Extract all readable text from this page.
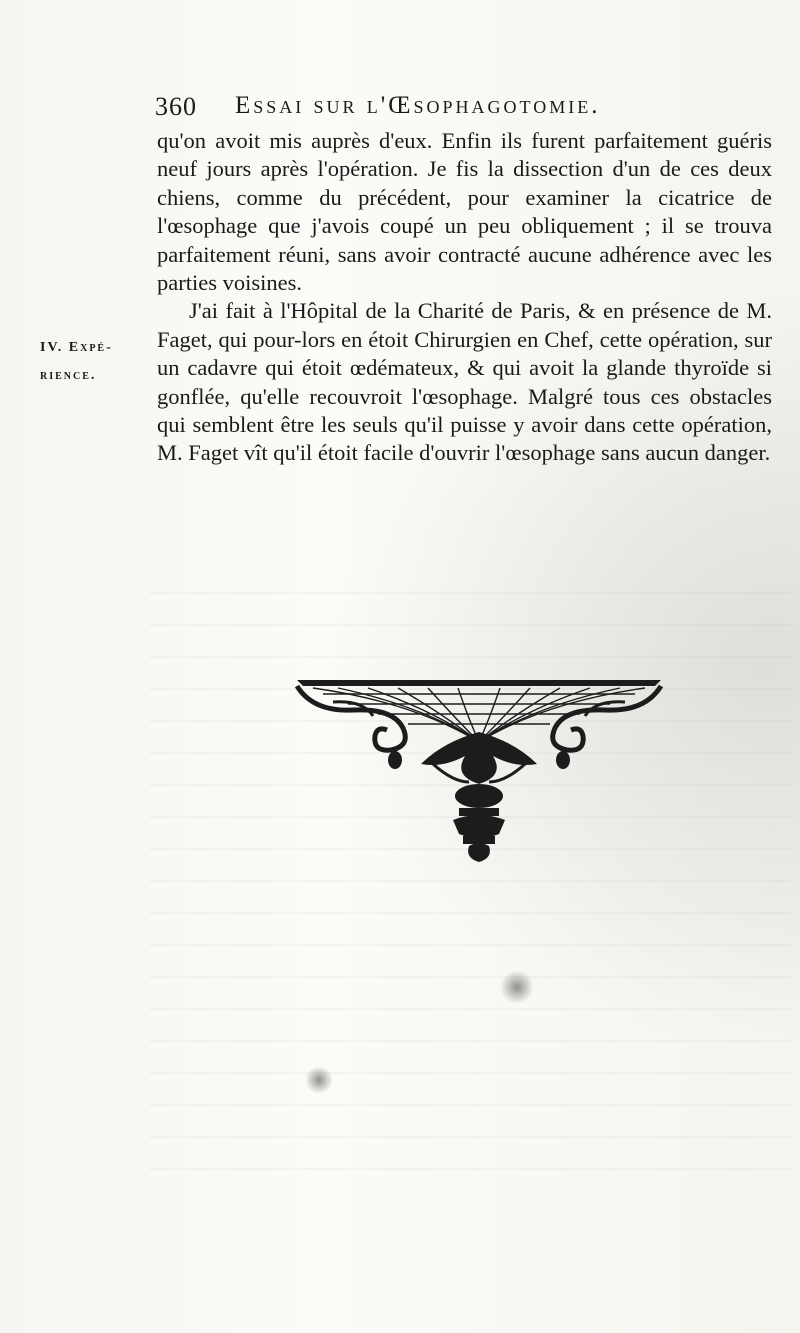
360 Essai sur l'Œsophagotomie.
IV. Expé-
rience.

qu'on avoit mis auprès d'eux. Enfin ils furent parfaitement guéris neuf jours après l'opération. Je fis la dissection d'un de ces deux chiens, comme du précédent, pour examiner la cicatrice de l'œsophage que j'avois coupé un peu obliquement ; il se trouva parfaitement réuni, sans avoir contracté aucune adhérence avec les parties voisines.

J'ai fait à l'Hôpital de la Charité de Paris, & en présence de M. Faget, qui pour-lors en étoit Chirurgien en Chef, cette opération, sur un cadavre qui étoit œdémateux, & qui avoit la glande thyroïde si gonflée, qu'elle recouvroit l'œsophage. Malgré tous ces obstacles qui semblent être les seuls qu'il puisse y avoir dans cette opération, M. Faget vît qu'il étoit facile d'ouvrir l'œsophage sans aucun danger.
